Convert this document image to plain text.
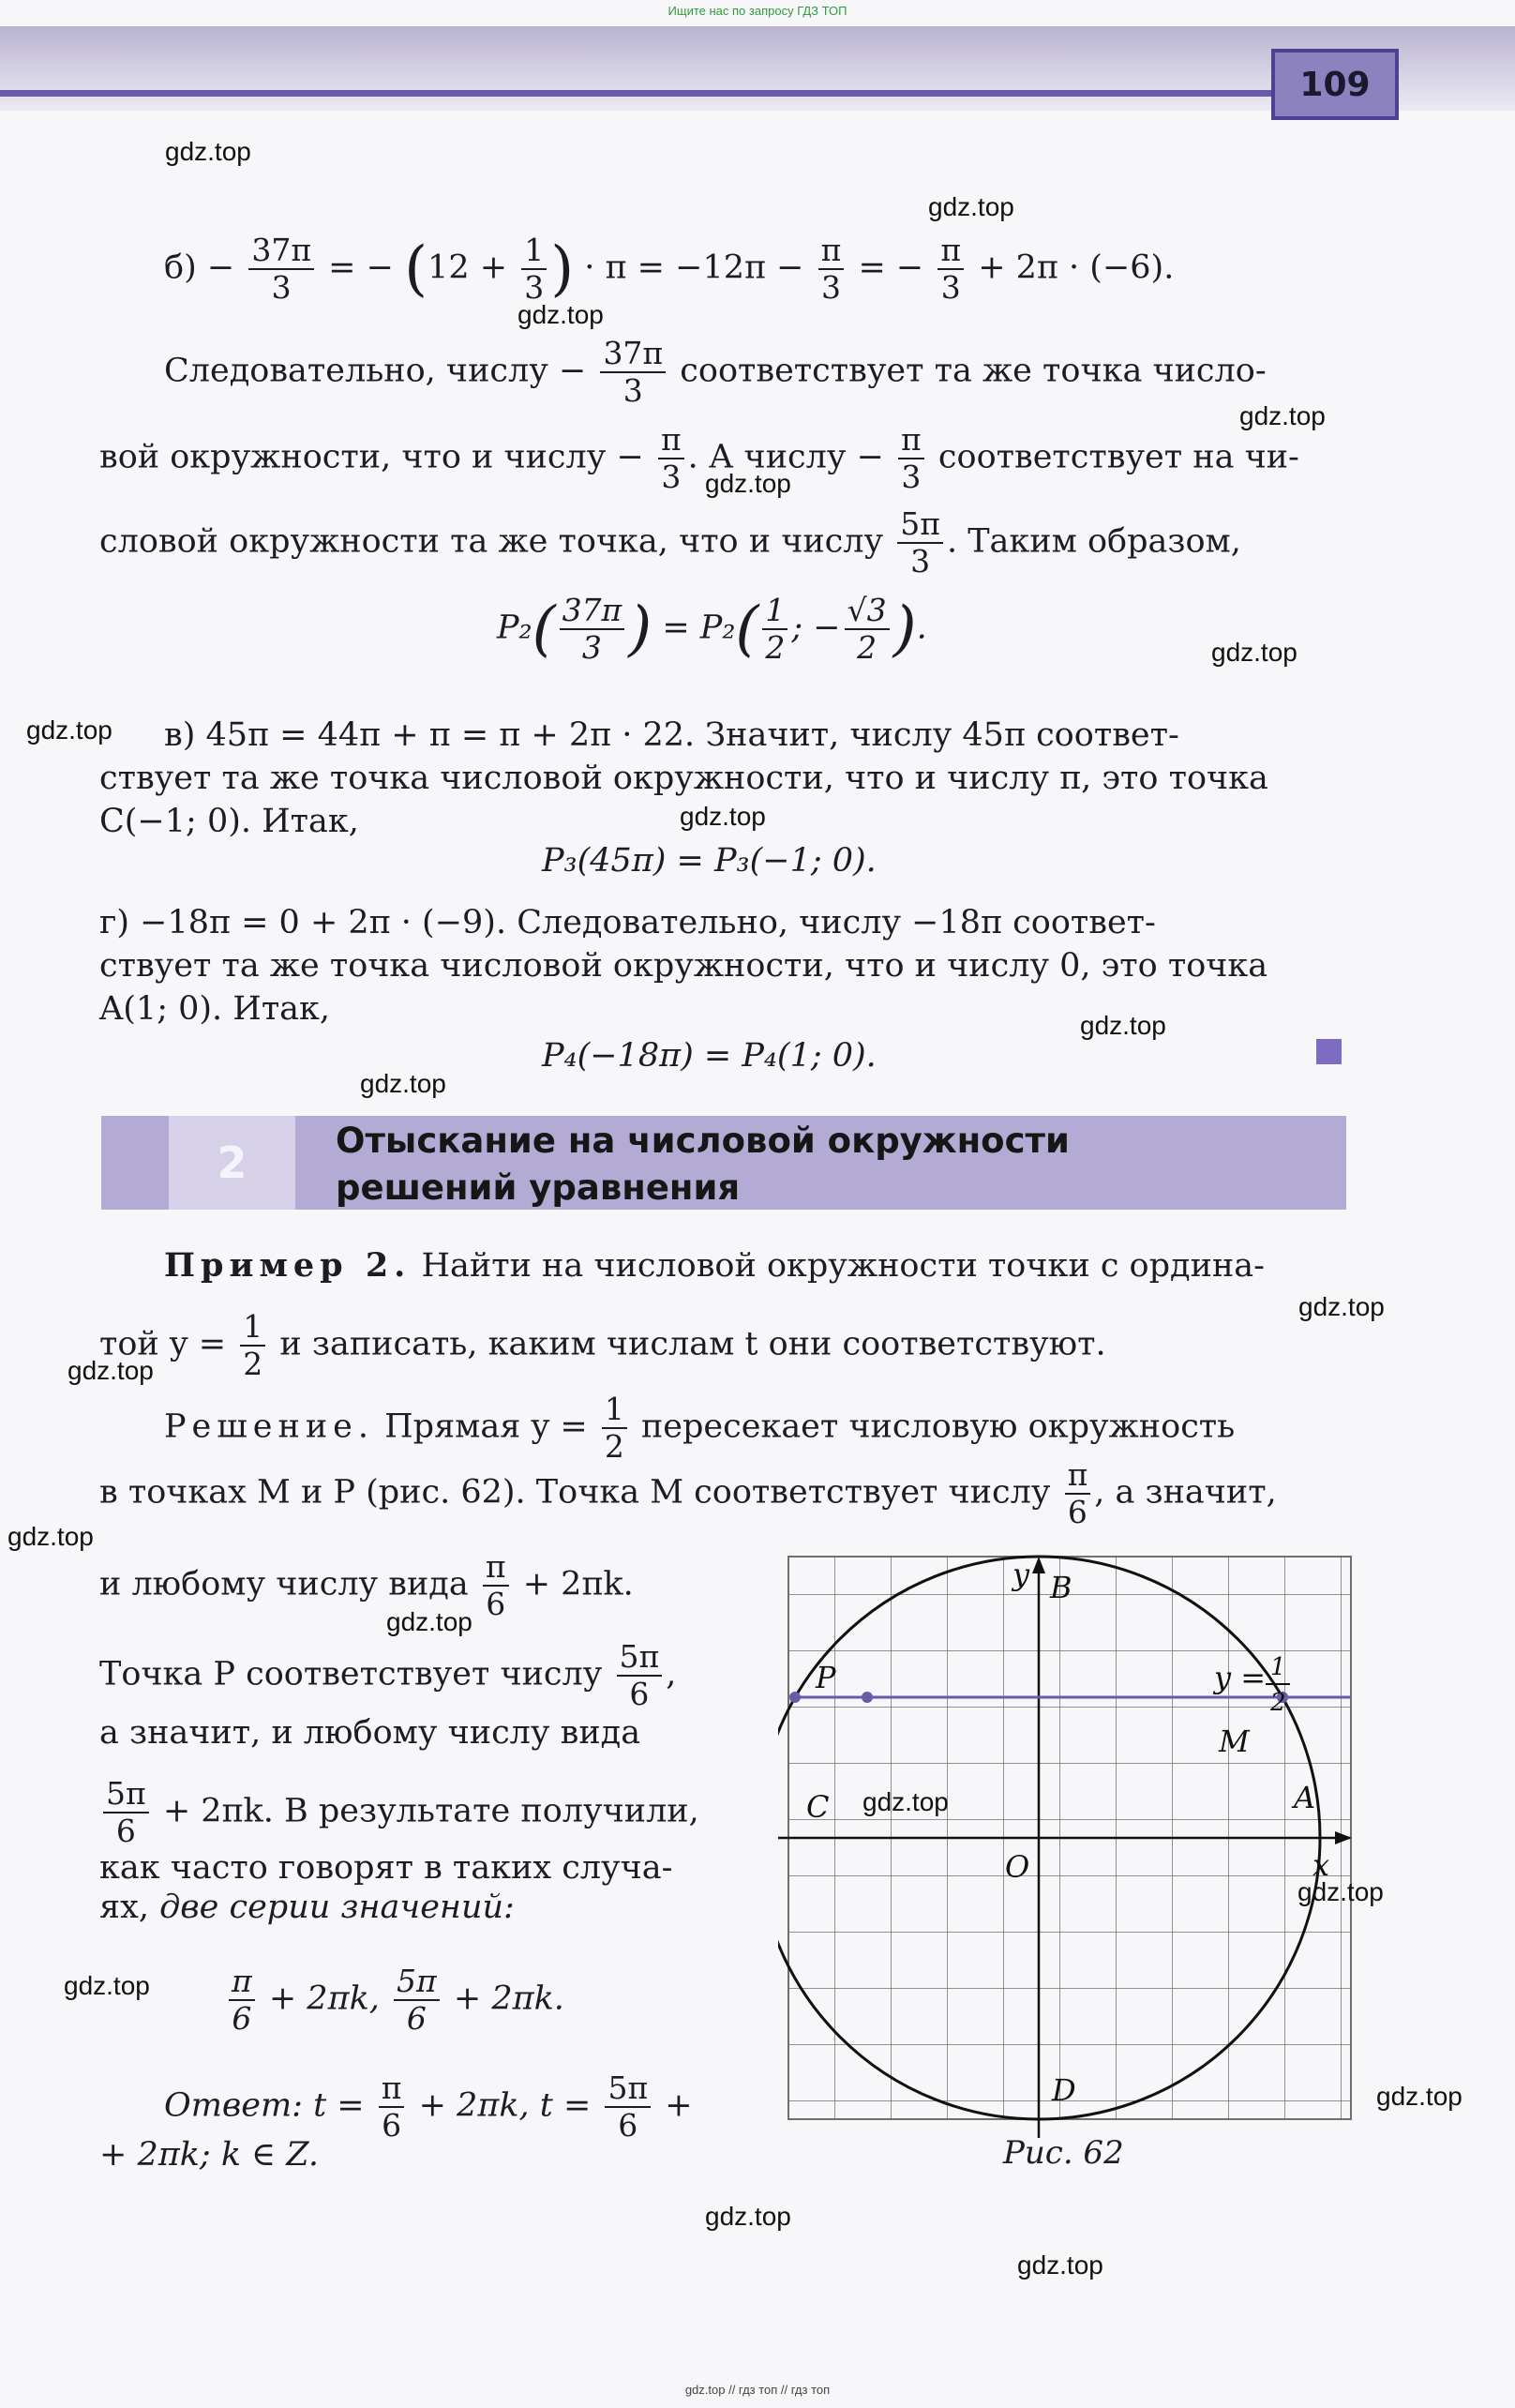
Ищите нас по запросу ГДЗ ТОП
109
$б) - \frac{37\pi}{3}$ = − ($12 + \frac{1}{3}$ ) · $\pi = -12\pi - \frac{\pi}{3}$ = − $\frac{\pi}{3} + 2\pi \cdot (-6)$.
Следовательно, числу − $\frac{37\pi}{3}$ соответствует та же точка число-
вой окружности, что и числу − $\frac{\pi}{3}$ . А числу − $\frac{\pi}{3}$ соответствует на чи-
словой окружности та же точка, что и числу $\frac{5\pi}{3}$ . Таким образом,
$P_2( \frac{37\pi}{3}$ ) = $P_2( \frac{1}{2}$ ; − $\frac{√3}{2}$ ).
в) 45π = 44π + π = π + 2π · 22. Значит, числу 45π соответ-
ствует та же точка числовой окружности, что и числу π, это точка
C(−1; 0). Итак,
P₃(45π) = P₃(−1; 0).
г) −18π = 0 + 2π · (−9). Следовательно, числу −18π соответ-
ствует та же точка числовой окружности, что и числу 0, это точка
A(1; 0). Итак,
P₄(−18π) = P₄(1; 0).
2	Отыскание на числовой окружности
решений уравнения
Пример 2. Найти на числовой окружности точки с ордина-
той $y = \frac{1}{2}$ и записать, каким числам t они соответствуют.
Решение. Прямая $y = \frac{1}{2}$ пересекает числовую окружность
в точках M и P (рис. 62). Точка M соответствует числу $\frac{\pi}{6}$ , а значит,
и любому числу вида $\frac{\pi}{6} + 2\pi k$.
Точка P соответствует числу $\frac{5\pi}{6}$ ,
а значит, и любому числу вида
$\frac{5\pi}{6} + 2\pi k$. В результате получили,
как часто говорят в таких случа-
ях, две серии значений:
$\frac{\pi}{6} + 2\pi k$, $\frac{5\pi}{6} + 2\pi k$.
Ответ: $t = \frac{\pi}{6} + 2\pi k$, $t = \frac{5\pi}{6}$ +
+ 2πk; k ∈ Z.
y B
P	y = 1
2
M
C	A
O	x
D
Рис. 62
gdz.top
gdz.top
gdz.top
gdz.top
gdz.top
gdz.top
gdz.top
gdz.top
gdz.top
gdz.top
gdz.top
gdz.top
gdz.top
gdz.top
gdz.top
gdz.top
gdz.top
gdz.top
gdz.top
gdz.top
gdz.top // гдз топ // гдз топ
